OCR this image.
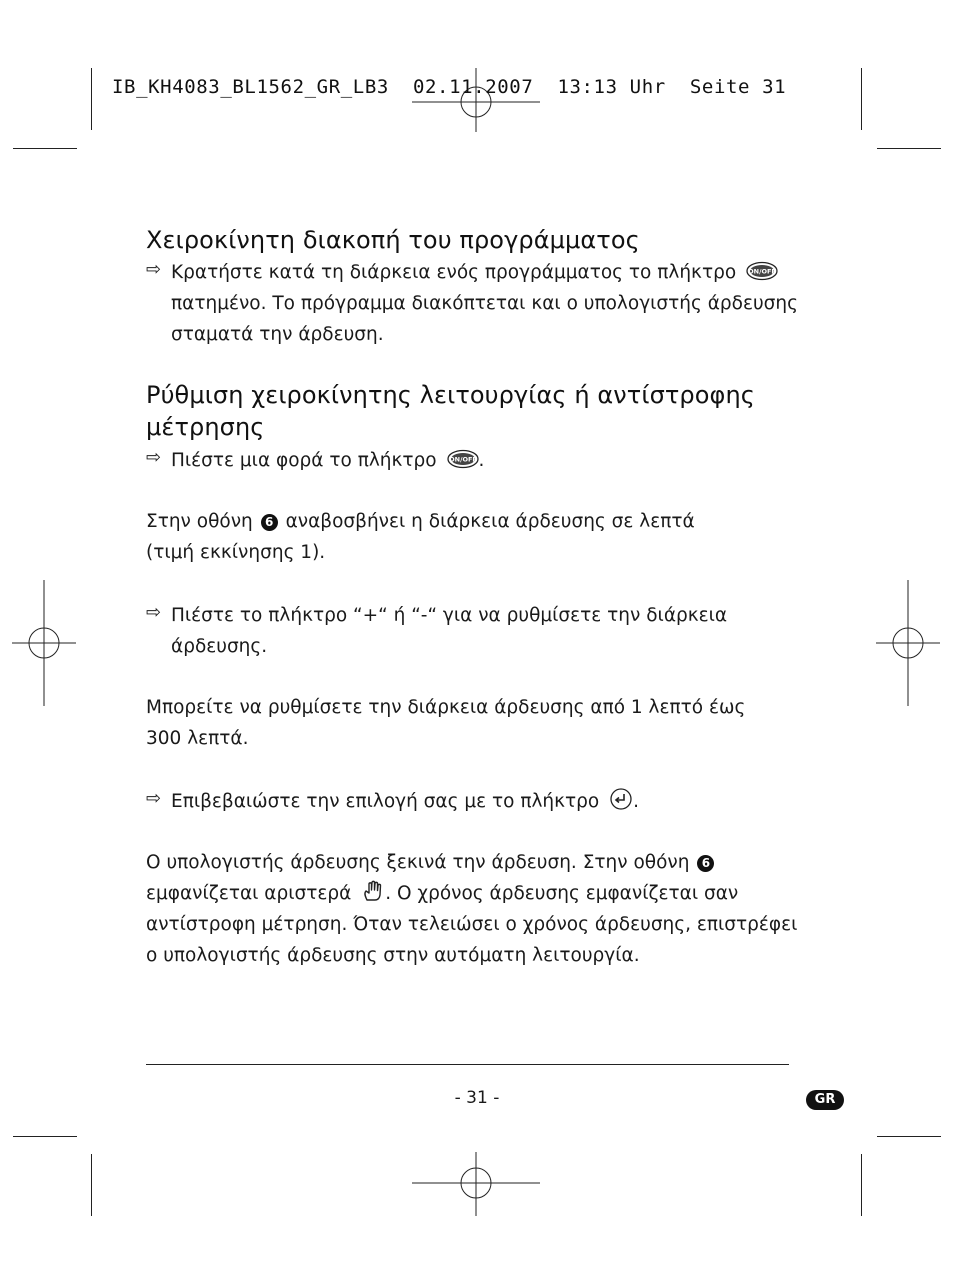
IB_KH4083_BL1562_GR_LB3  02.11.2007  13:13 Uhr  Seite 31
Χειροκίνητη διακοπή του προγράμματος
⇨ Κρατήστε κατά τη διάρκεια ενός προγράμματος το πλήκτρο ON/OFF
πατημένο. Το πρόγραμμα διακόπτεται και ο υπολογιστής άρδευσης
σταματά την άρδευση.
Ρύθμιση χειροκίνητης λειτουργίας ή αντίστροφης
μέτρησης
⇨ Πιέστε μια φορά το πλήκτρο ON/OFF .
Στην οθόνη 6 αναβοσβήνει η διάρκεια άρδευσης σε λεπτά
(τιμή εκκίνησης 1).
⇨ Πιέστε το πλήκτρο “+“ ή “-“ για να ρυθμίσετε την διάρκεια
άρδευσης.
Μπορείτε να ρυθμίσετε την διάρκεια άρδευσης από 1 λεπτό έως
300 λεπτά.
⇨ Επιβεβαιώστε την επιλογή σας με το πλήκτρο .
Ο υπολογιστής άρδευσης ξεκινά την άρδευση. Στην οθόνη 6
εμφανίζεται αριστερά . Ο χρόνος άρδευσης εμφανίζεται σαν
αντίστροφη μέτρηση. Όταν τελειώσει ο χρόνος άρδευσης, επιστρέφει
ο υπολογιστής άρδευσης στην αυτόματη λειτουργία.
- 31 -	GR
